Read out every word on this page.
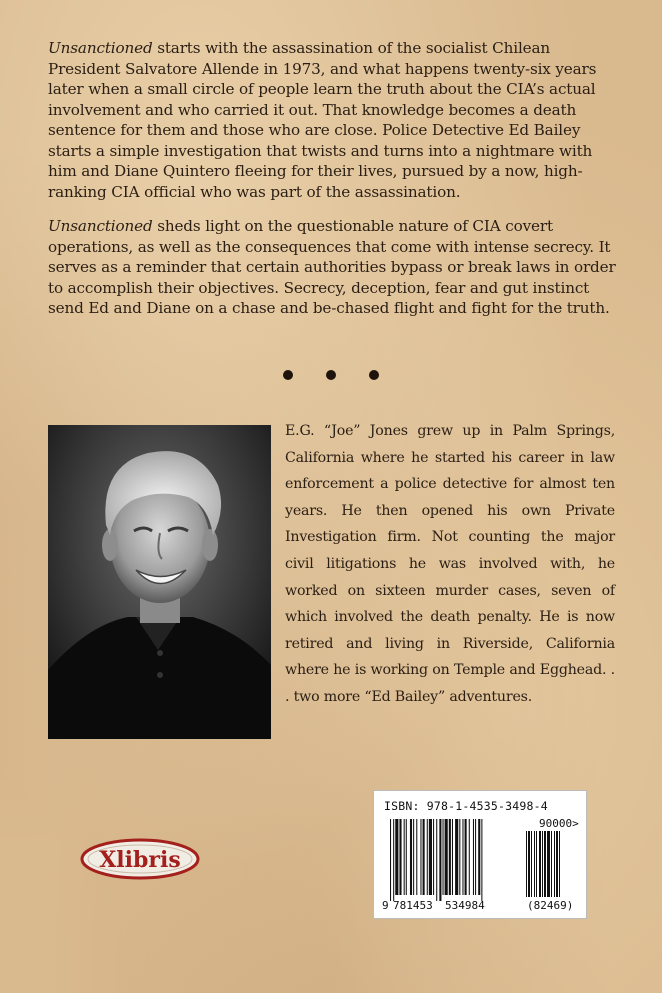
Unsanctioned starts with the assassination of the socialist Chilean President Salvatore Allende in 1973, and what happens twenty-six years later when a small circle of people learn the truth about the CIA’s actual involvement and who carried it out. That knowledge becomes a death sentence for them and those who are close. Police Detective Ed Bailey starts a simple investigation that twists and turns into a nightmare with him and Diane Quintero fleeing for their lives, pursued by a now, high-ranking CIA official who was part of the assassination.

Unsanctioned sheds light on the questionable nature of CIA covert operations, as well as the consequences that come with intense secrecy. It serves as a reminder that certain authorities bypass or break laws in order to accomplish their objectives. Secrecy, deception, fear and gut instinct send Ed and Diane on a chase and be-chased flight and fight for the truth.

E.G. “Joe” Jones grew up in Palm Springs, California where he started his career in law enforcement a police detective for almost ten years. He then opened his own Private Investigation firm. Not counting the major civil litigations he was involved with, he worked on sixteen murder cases, seven of which involved the death penalty. He is now retired and living in Riverside, California where he is working on Temple and Egghead. . . two more “Ed Bailey” adventures.
ISBN: 978-1-4535-3498-4
90000>
9 781453 534984	(82469)
Xlibris
